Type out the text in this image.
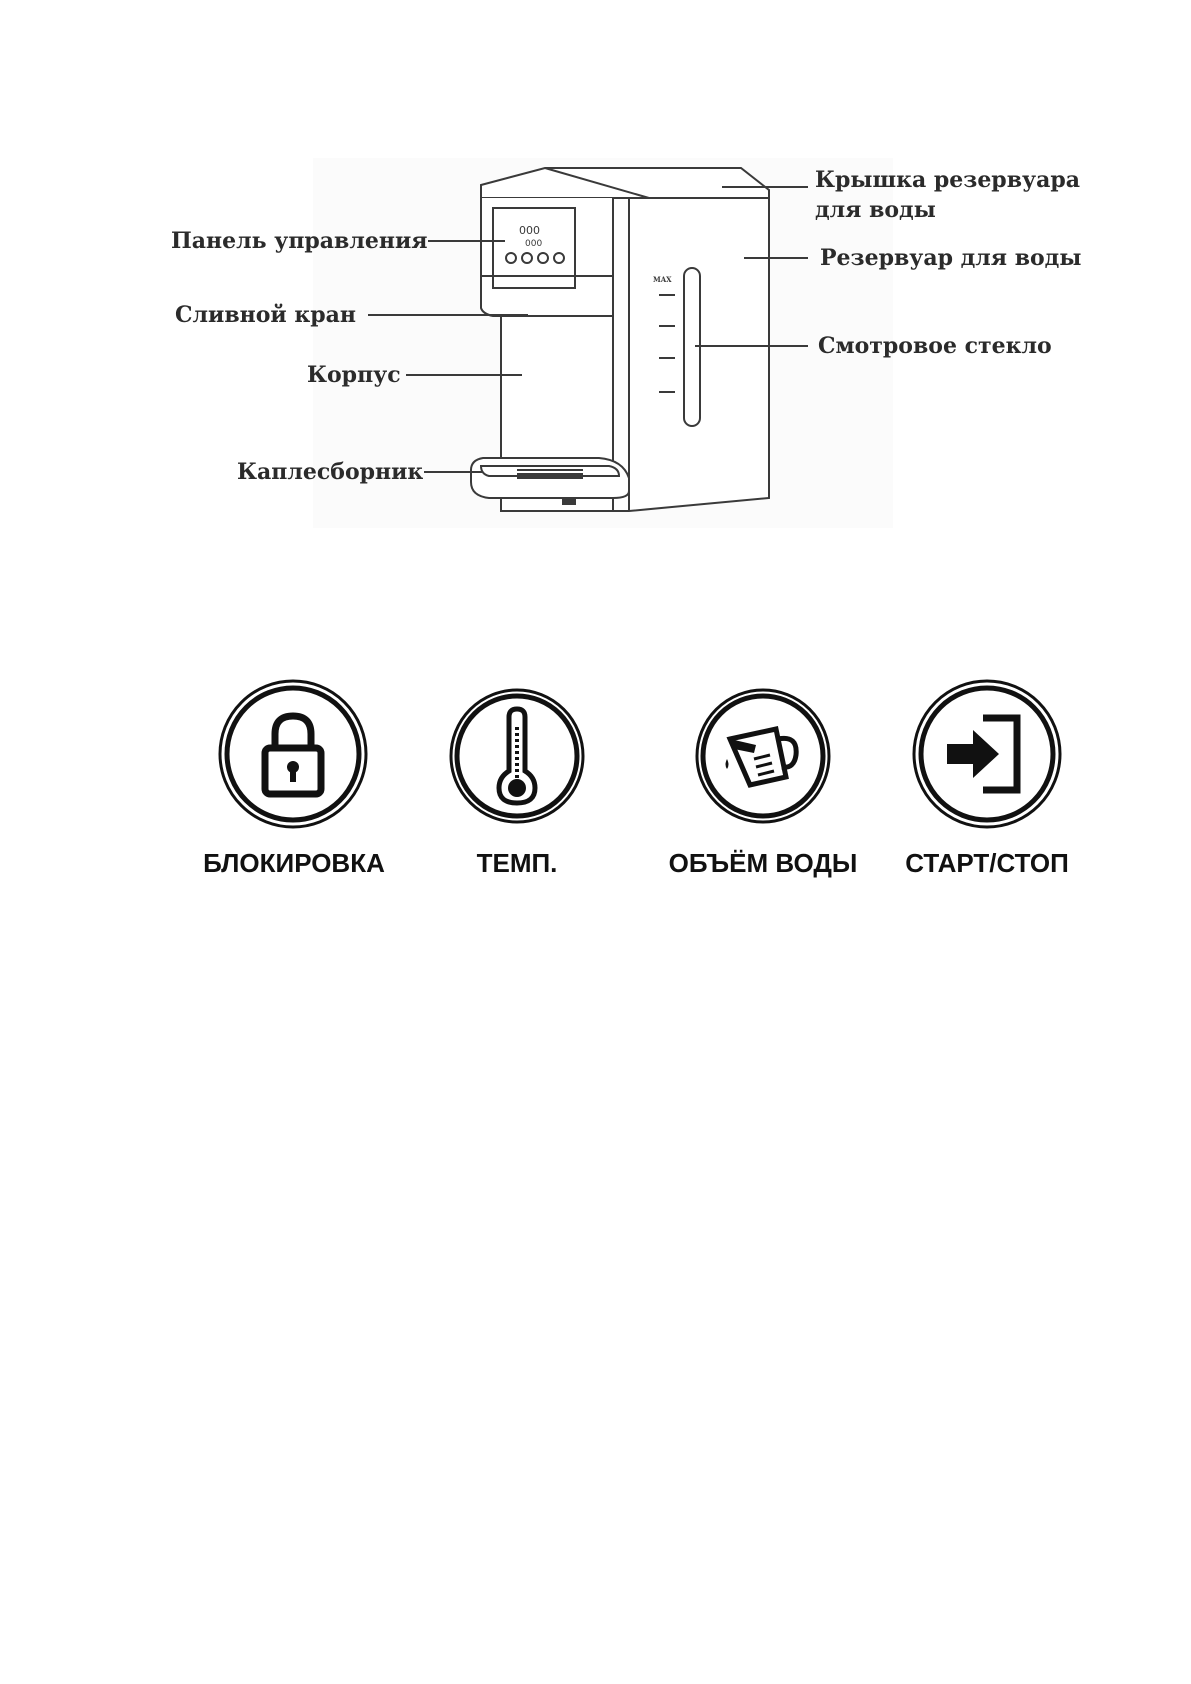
000
000
MAX
Крышка резервуара
для воды
Панель управления
Резервуар для воды
Сливной кран
Смотровое стекло
Корпус
Каплесборник
БЛОКИРОВКА	ТЕМП.	ОБЪЁМ ВОДЫ	СТАРТ/СТОП
